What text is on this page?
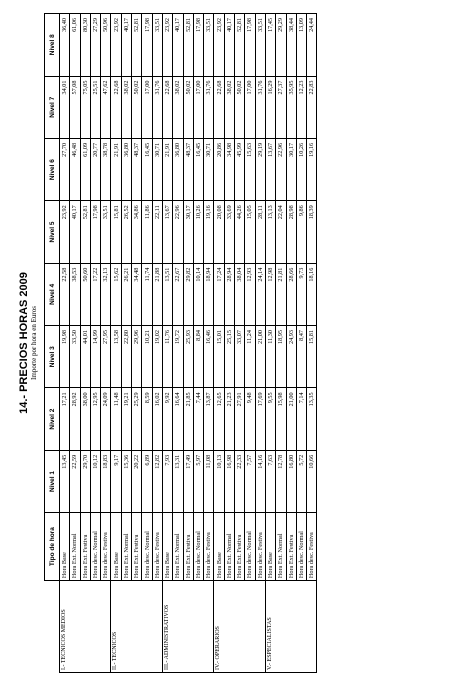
14.- PRECIOS HORAS 2009 Importe por hora en Euros
	Tipo de hora	Nivel 1	Nivel 2	Nivel 3	Nivel 4	Nivel 5	Nivel 6	Nivel 7	Nivel 8
I.- TECNICOS MEDIOS	Hora Base	13,45	17,21	19,98	22,58	23,92	27,70	34,01	36,40
	Hora Ext. Normal	22,59	28,92	33,50	38,53	40,17	46,48	57,08	61,06
	Hora Ext. Festiva	29,70	38,00	44,01	50,60	52,81	61,09	75,05	80,30
	Hora desc. Normal	10,12	12,95	14,99	17,22	17,98	20,77	25,51	27,29
	Hora desc. Festiva	18,83	24,09	27,95	32,13	33,51	38,78	47,62	50,96
II.- TECNICOS	Hora Base	9,17	11,48	13,58	15,62	15,81	21,91	22,68	23,92
	Hora Ext. Normal	15,36	19,21	22,80	26,21	26,52	36,80	38,02	40,17
	Hora Ext. Festiva	20,22	25,29	29,96	34,48	34,86	48,37	50,02	52,81
	Hora desc. Normal	6,89	8,59	10,21	11,74	11,86	16,45	17,00	17,98
	Hora desc. Festiva	12,82	16,02	19,02	21,88	22,11	30,71	31,76	33,51
III.- ADMINISTRATIVOS	Hora Base	7,93	9,92	11,76	13,51	13,67	21,91	22,68	23,92
	Hora Ext. Normal	13,31	16,64	19,72	22,67	22,96	36,80	38,02	40,17
	Hora Ext. Festiva	17,49	21,85	25,93	29,82	30,17	48,37	50,02	52,81
	Hora desc. Normal	5,97	7,44	8,84	10,14	10,26	16,45	17,00	17,98
	Hora desc. Festiva	11,08	13,87	16,46	18,94	19,16	30,71	31,76	33,51
IV.- OPERARIOS	Hora Base	10,13	12,65	15,01	17,24	20,08	20,86	22,68	23,92
	Hora Ext. Normal	16,98	21,23	25,15	28,94	33,69	34,98	38,02	40,17
	Hora Ext. Festiva	22,33	27,91	33,07	38,04	44,26	45,99	50,02	52,81
	Hora desc. Normal	7,57	9,48	11,24	12,93	15,05	15,63	17,00	17,98
	Hora desc. Festiva	14,16	17,69	21,00	24,14	28,11	29,19	31,76	33,51
V.- ESPECIALISTAS	Hora Base	7,63	9,55	11,30	12,98	13,13	13,67	16,29	17,45
	Hora Ext. Normal	12,78	15,98	18,95	21,81	22,04	22,96	27,37	29,29
	Hora Ext. Festiva	16,80	21,00	24,93	28,66	28,98	30,17	35,95	38,44
	Hora desc. Normal	5,72	7,14	8,47	9,73	9,86	10,26	12,23	13,09
	Hora desc. Festiva	10,66	13,35	15,81	18,16	18,39	19,16	22,83	24,44
